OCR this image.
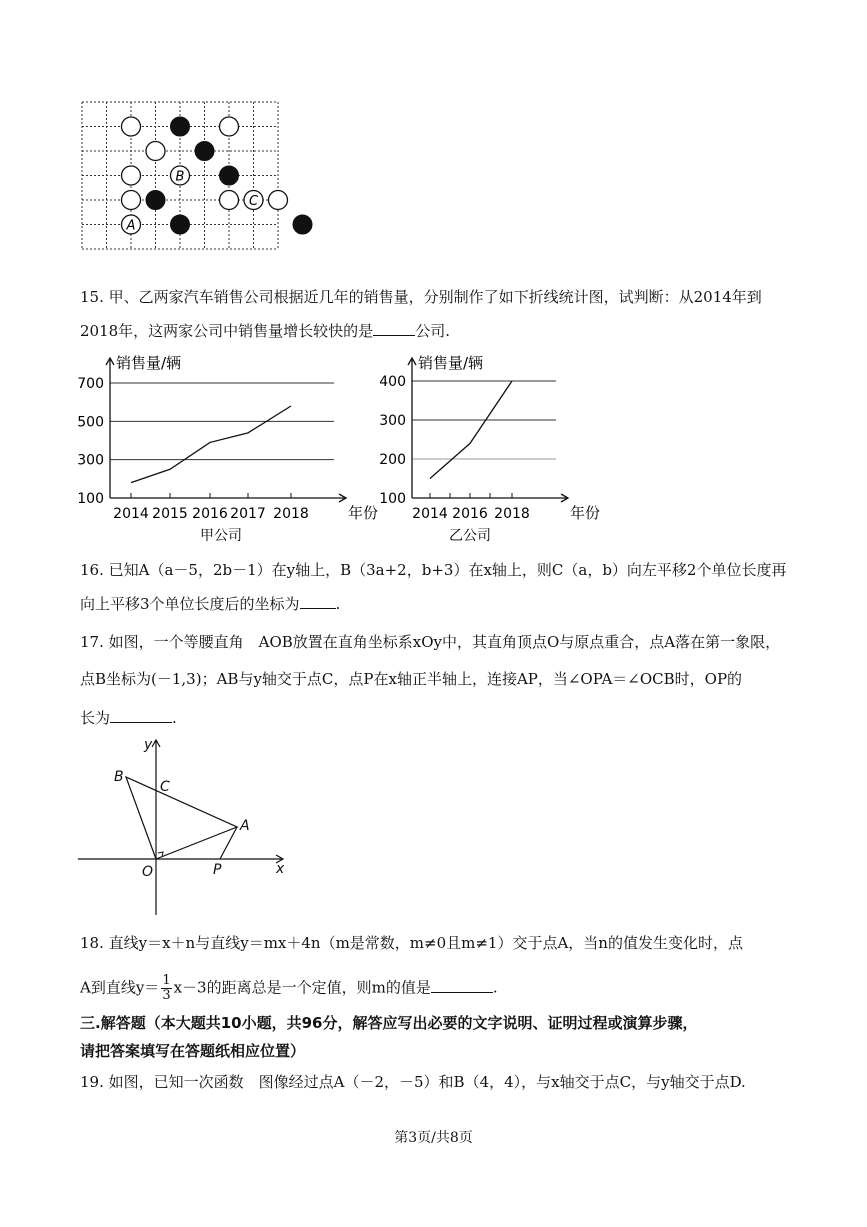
B
C
A
15. 甲、乙两家汽车销售公司根据近几年的销售量，分别制作了如下折线统计图，试判断：从2014年到
2018年，这两家公司中销售量增长较快的是	公司.
100
300
500
700
2014 2015 2016 2017 2018
销售量/辆
年份
甲公司
100
200
300
400
2014 2016 2018
销售量/辆
年份
乙公司
16. 已知A（a－5，2b－1）在y轴上，B（3a+2，b+3）在x轴上，则C（a，b）向左平移2个单位长度再
向上平移3个单位长度后的坐标为 .
17. 如图，一个等腰直角　AOB放置在直角坐标系xOy中，其直角顶点O与原点重合，点A落在第一象限，
点B坐标为(－1,3)；AB与y轴交于点C，点P在x轴正半轴上，连接AP，当∠OPA＝∠OCB时，OP的
长为	.
y
x
O
A
B
C
P
18. 直线y＝x＋n与直线y＝mx＋4n（m是常数，m≠0且m≠1）交于点A，当n的值发生变化时，点
A到直线$y= \frac{1}{3} x-3$的距离总是一个定值，则m的值是	.
三.解答题（本大题共10小题，共96分，解答应写出必要的文字说明、证明过程或演算步骤，
请把答案填写在答题纸相应位置）
19. 如图，已知一次函数　图像经过点A（－2，－5）和B（4，4），与x轴交于点C，与y轴交于点D.
第3页/共8页
